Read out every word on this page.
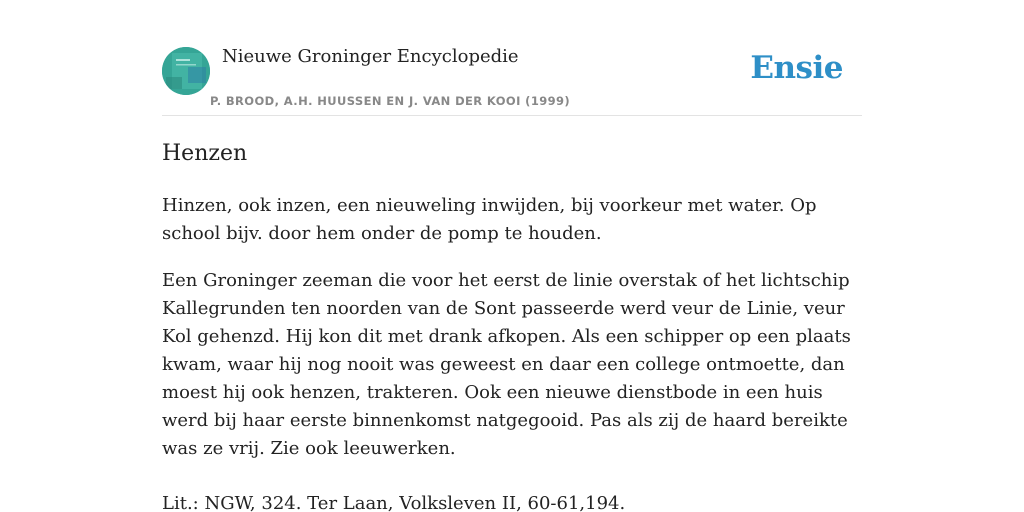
Nieuwe Groninger Encyclopedie
P. BROOD, A.H. HUUSSEN EN J. VAN DER KOOI (1999)
Ensie
Henzen

Hinzen, ook inzen, een nieuweling inwijden, bij voorkeur met water. Op school bijv. door hem onder de pomp te houden.

Een Groninger zeeman die voor het eerst de linie overstak of het lichtschip Kallegrunden ten noorden van de Sont passeerde werd veur de Linie, veur Kol gehenzd. Hij kon dit met drank afkopen. Als een schipper op een plaats kwam, waar hij nog nooit was geweest en daar een college ontmoette, dan moest hij ook henzen, trakteren. Ook een nieuwe dienstbode in een huis werd bij haar eerste binnenkomst natgegooid. Pas als zij de haard bereikte was ze vrij. Zie ook leeuwerken.

Lit.: NGW, 324. Ter Laan, Volksleven II, 60-61,194.
